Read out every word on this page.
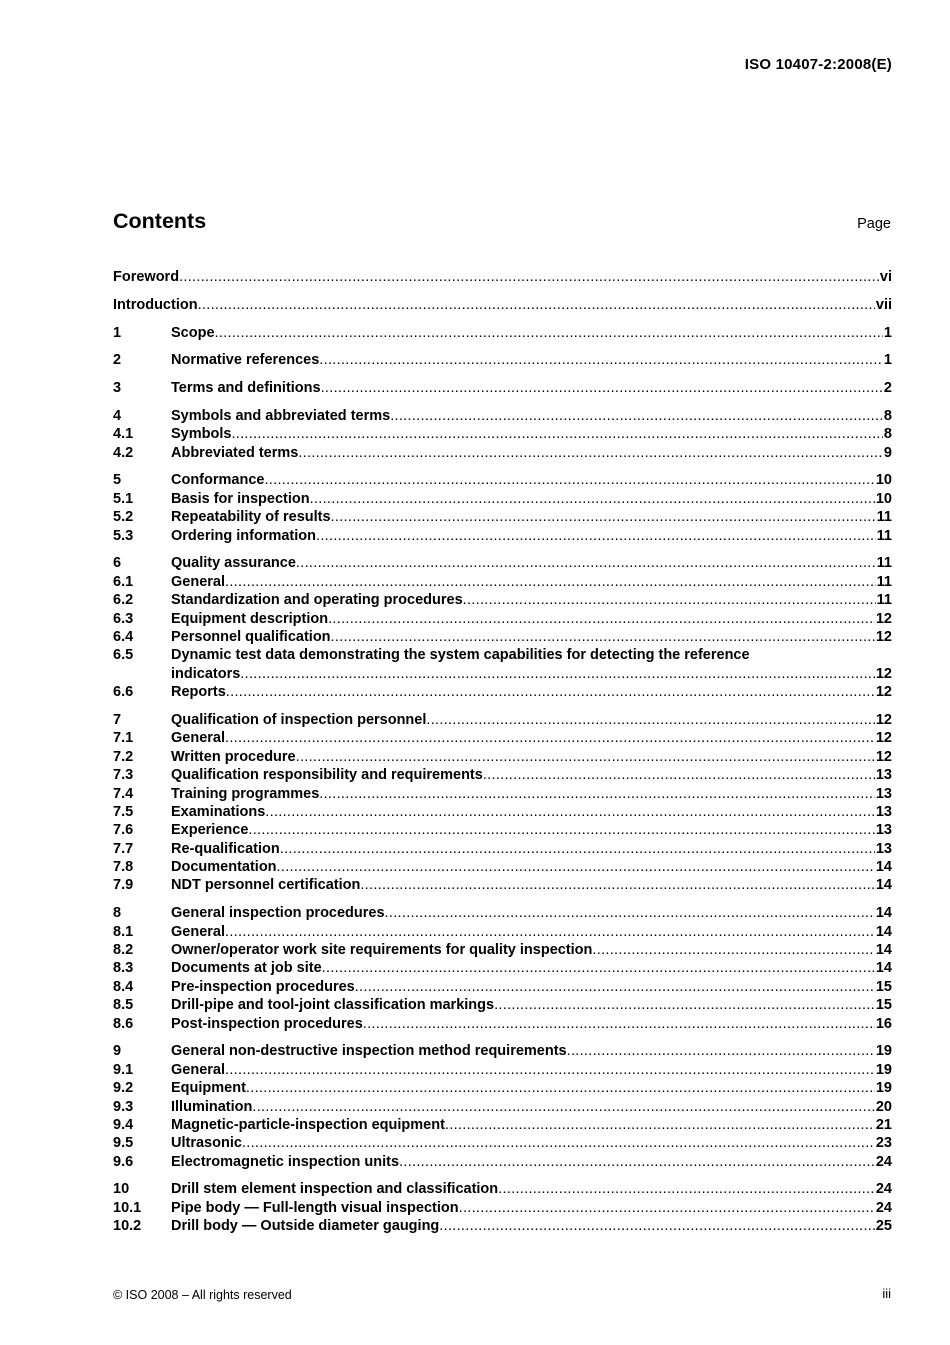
ISO 10407-2:2008(E)
Contents	Page
Foreword .....	vi
Introduction .....	vii
1	Scope .....	1
2	Normative references .....	1
3	Terms and definitions .....	2
4	Symbols and abbreviated terms .....	8
4.1	Symbols .....	8
4.2	Abbreviated terms .....	9
5	Conformance .....	10
5.1	Basis for inspection .....	10
5.2	Repeatability of results .....	11
5.3	Ordering information .....	11
6	Quality assurance .....	11
6.1	General .....	11
6.2	Standardization and operating procedures .....	11
6.3	Equipment description .....	12
6.4	Personnel qualification .....	12
6.5	Dynamic test data demonstrating the system capabilities for detecting the reference
indicators .....	12
6.6	Reports .....	12
7	Qualification of inspection personnel .....	12
7.1	General .....	12
7.2	Written procedure .....	12
7.3	Qualification responsibility and requirements .....	13
7.4	Training programmes .....	13
7.5	Examinations .....	13
7.6	Experience .....	13
7.7	Re-qualification .....	13
7.8	Documentation .....	14
7.9	NDT personnel certification .....	14
8	General inspection procedures .....	14
8.1	General .....	14
8.2	Owner/operator work site requirements for quality inspection .....	14
8.3	Documents at job site .....	14
8.4	Pre-inspection procedures .....	15
8.5	Drill-pipe and tool-joint classification markings .....	15
8.6	Post-inspection procedures .....	16
9	General non-destructive inspection method requirements .....	19
9.1	General .....	19
9.2	Equipment .....	19
9.3	Illumination .....	20
9.4	Magnetic-particle-inspection equipment .....	21
9.5	Ultrasonic .....	23
9.6	Electromagnetic inspection units .....	24
10	Drill stem element inspection and classification .....	24
10.1	Pipe body — Full-length visual inspection .....	24
10.2	Drill body — Outside diameter gauging .....	25
© ISO 2008 – All rights reserved	iii
